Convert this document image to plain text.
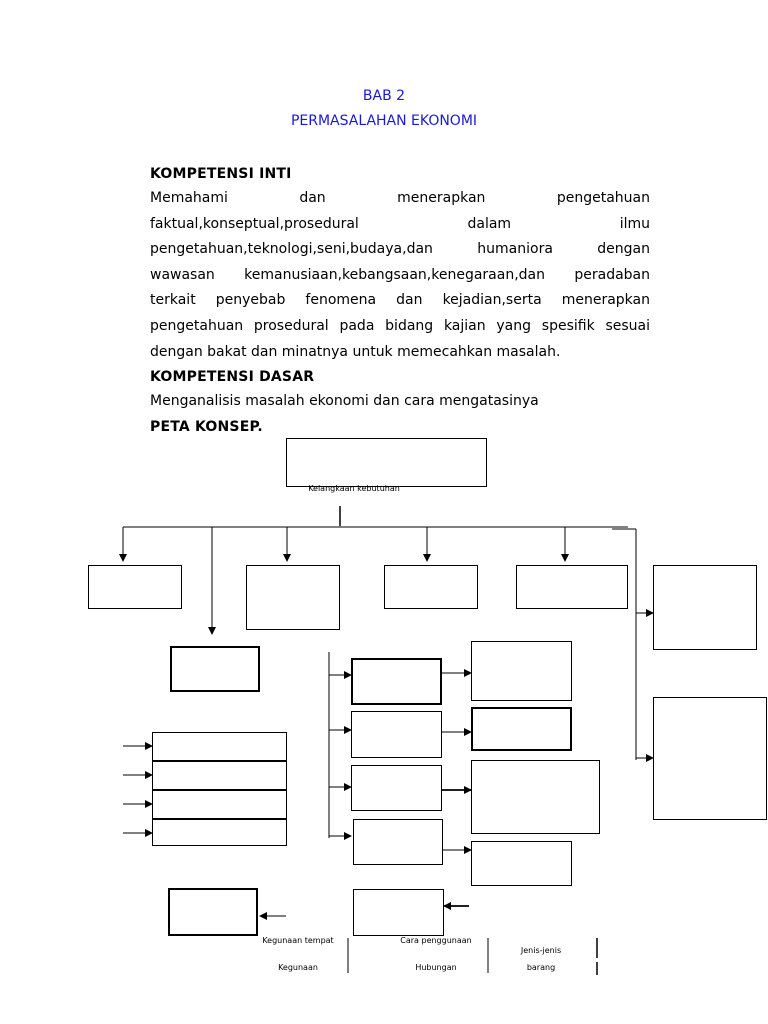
BAB 2
PERMASALAHAN EKONOMI
KOMPETENSI INTI
Memahami dan menerapkan pengetahuan
faktual,konseptual,prosedural dalam ilmu
pengetahuan,teknologi,seni,budaya,dan humaniora dengan
wawasan kemanusiaan,kebangsaan,kenegaraan,dan peradaban
terkait penyebab fenomena dan kejadian,serta menerapkan
pengetahuan prosedural pada bidang kajian yang spesifik sesuai
dengan bakat dan minatnya untuk memecahkan masalah.
KOMPETENSI DASAR
Menganalisis masalah ekonomi dan cara mengatasinya
PETA KONSEP.
Kelangkaan kebutuhan
Kegunaan tempat
Kegunaan
Cara penggunaan
Hubungan
Jenis-jenis
barang
